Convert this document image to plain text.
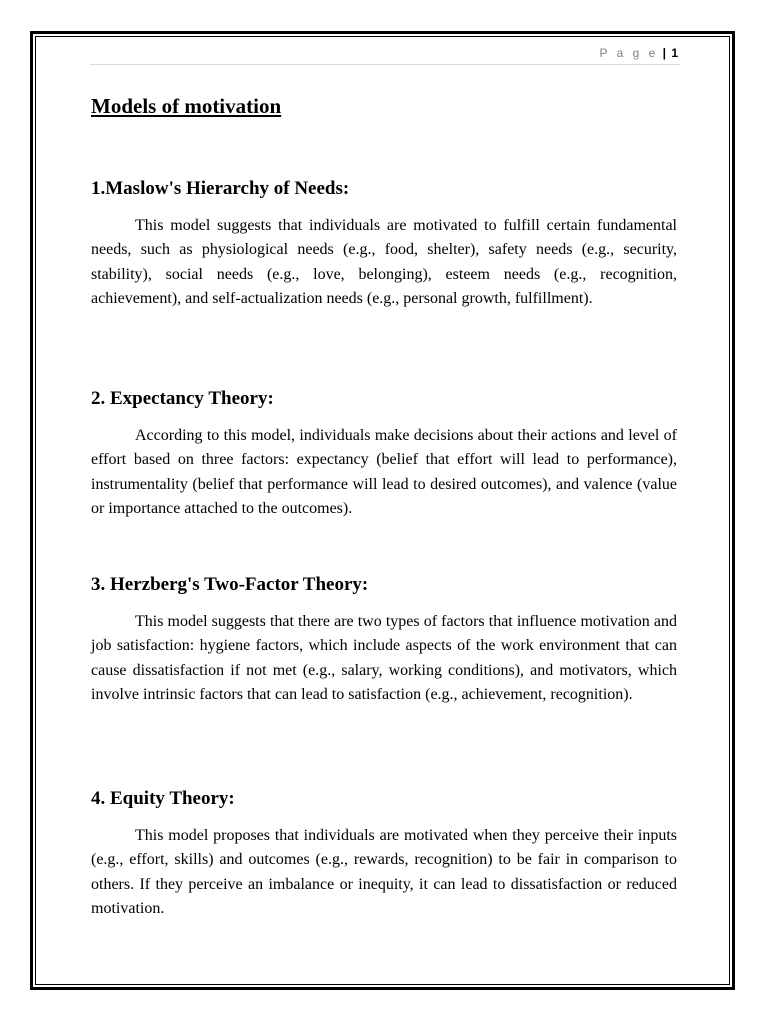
P a g e | 1
Models of motivation
1.Maslow's Hierarchy of Needs:

This model suggests that individuals are motivated to fulfill certain fundamental needs, such as physiological needs (e.g., food, shelter), safety needs (e.g., security, stability), social needs (e.g., love, belonging), esteem needs (e.g., recognition, achievement), and self-actualization needs (e.g., personal growth, fulfillment).

2. Expectancy Theory:

According to this model, individuals make decisions about their actions and level of effort based on three factors: expectancy (belief that effort will lead to performance), instrumentality (belief that performance will lead to desired outcomes), and valence (value or importance attached to the outcomes).

3. Herzberg's Two-Factor Theory:

This model suggests that there are two types of factors that influence motivation and job satisfaction: hygiene factors, which include aspects of the work environment that can cause dissatisfaction if not met (e.g., salary, working conditions), and motivators, which involve intrinsic factors that can lead to satisfaction (e.g., achievement, recognition).

4. Equity Theory:

This model proposes that individuals are motivated when they perceive their inputs (e.g., effort, skills) and outcomes (e.g., rewards, recognition) to be fair in comparison to others. If they perceive an imbalance or inequity, it can lead to dissatisfaction or reduced motivation.
